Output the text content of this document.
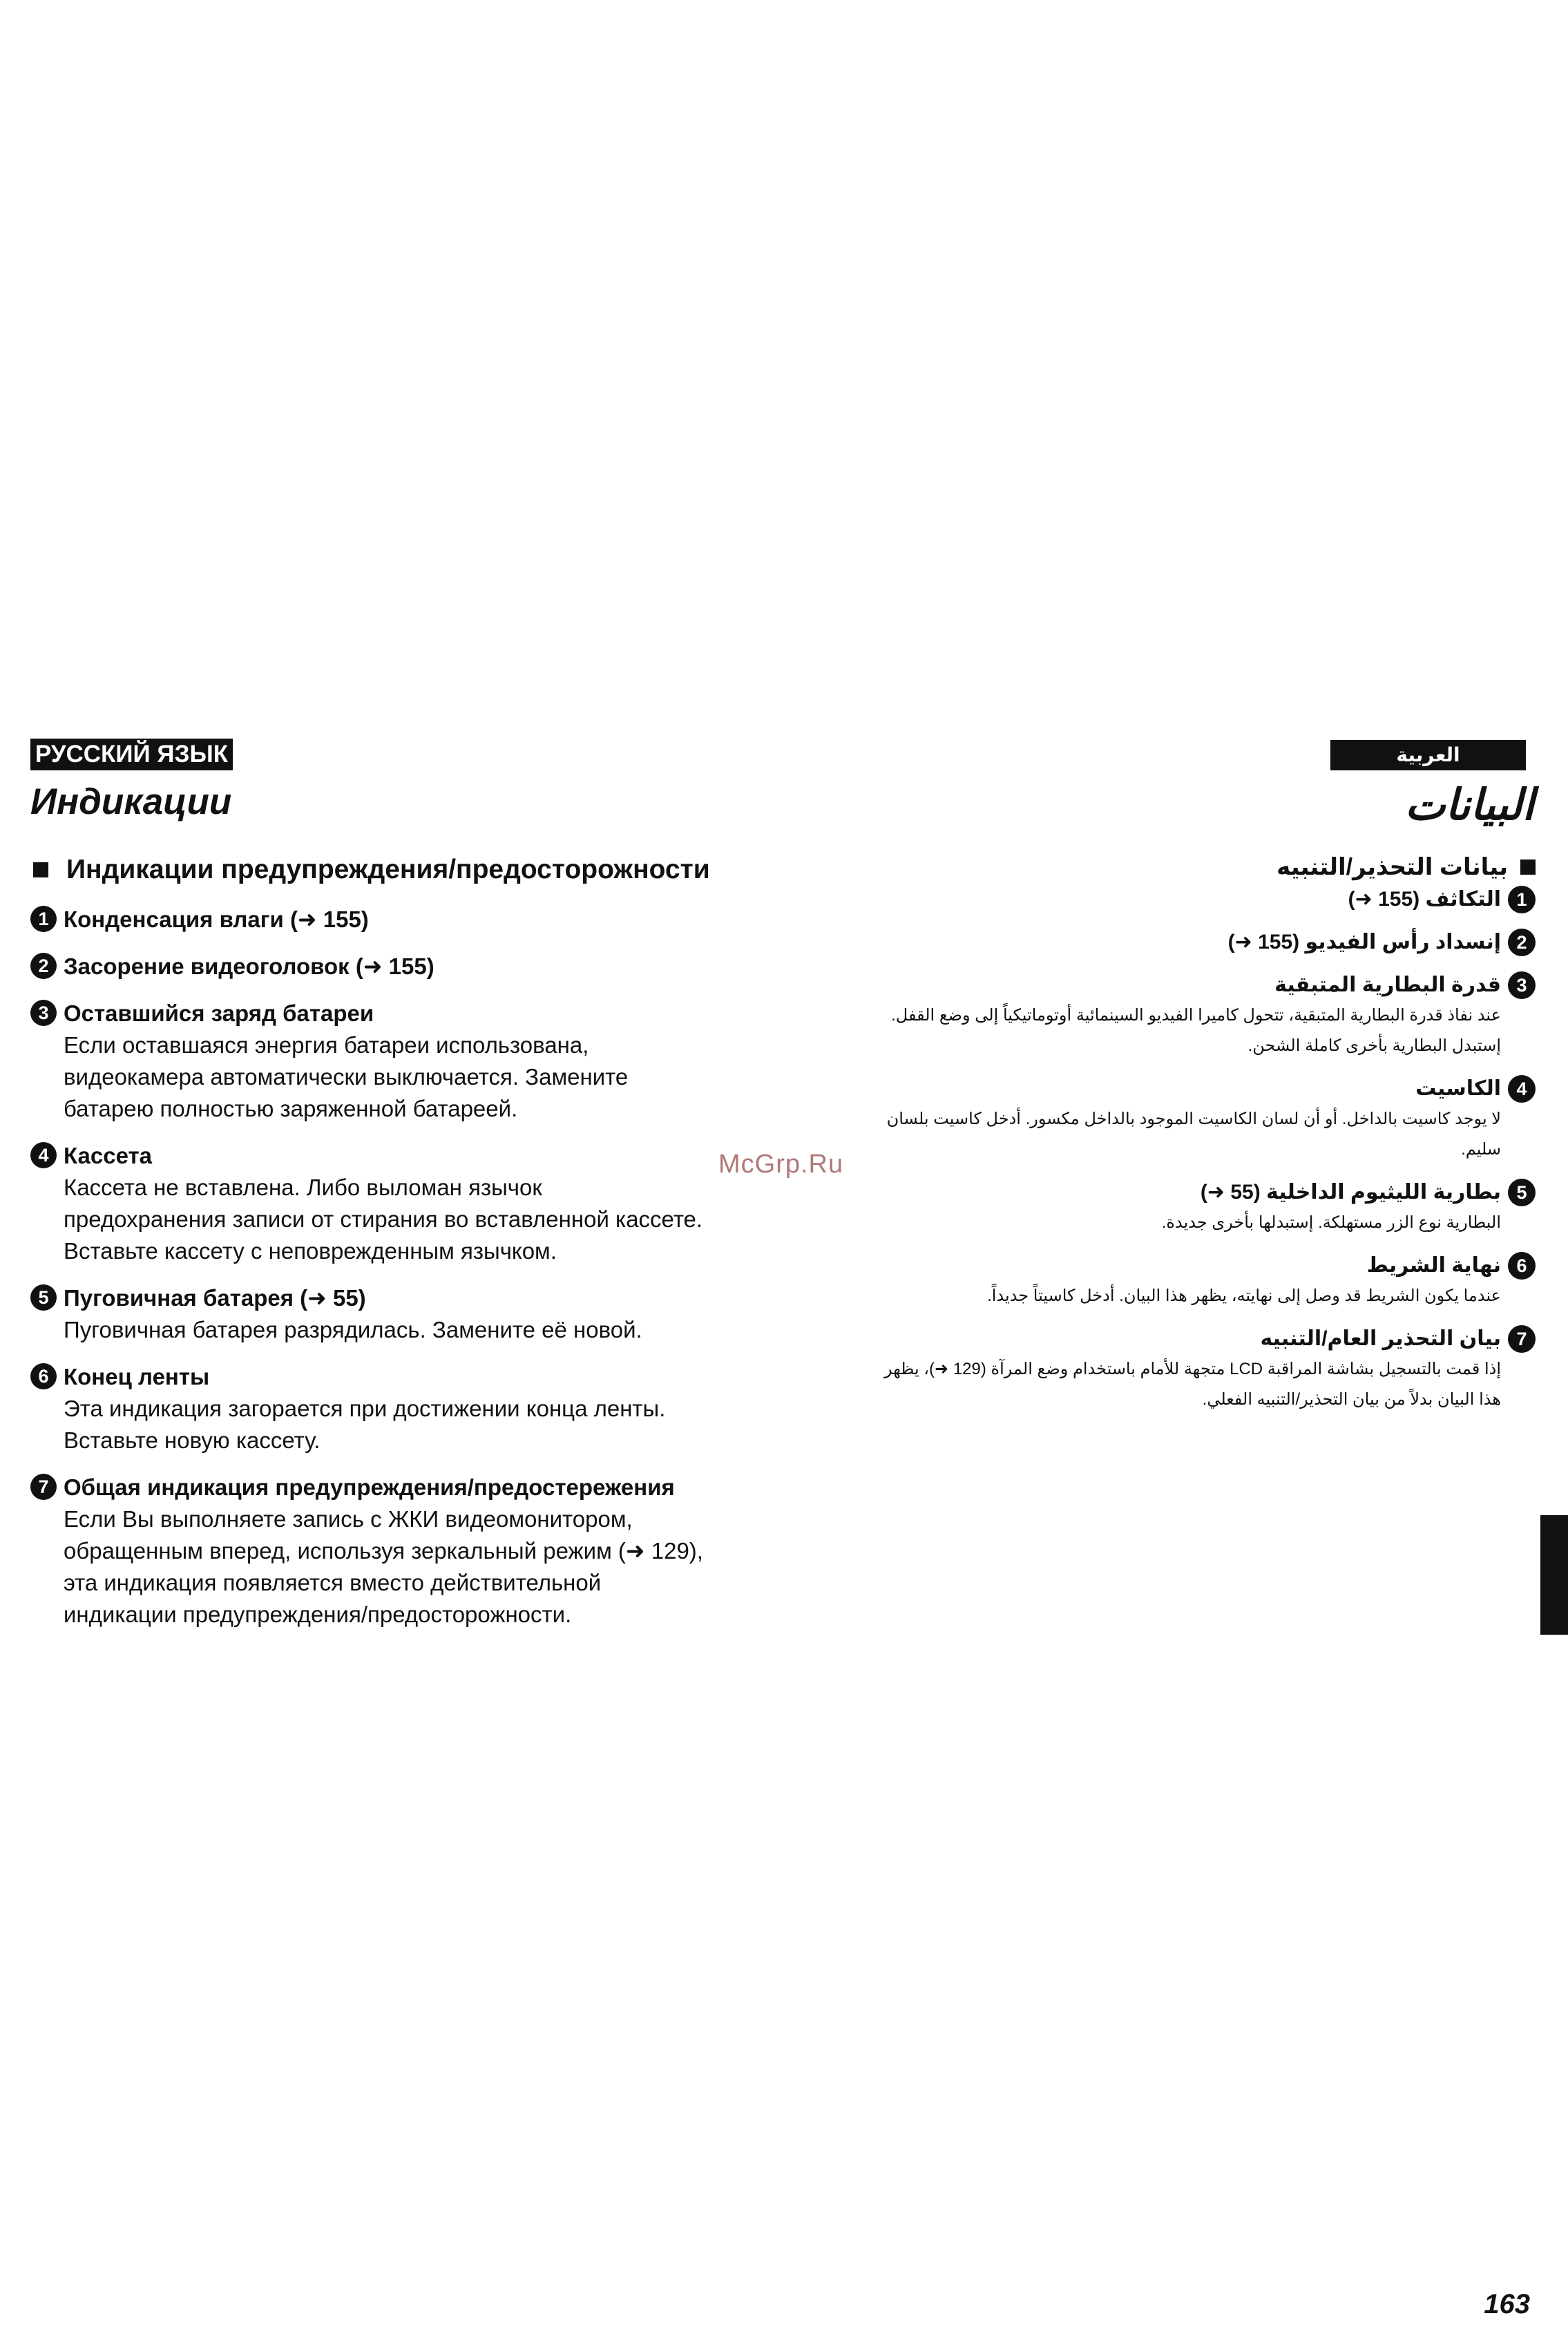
РУССКИЙ ЯЗЫК
Индикации
Индикации предупреждения/предосторожности
1 Конденсация влаги (➜ 155)
2 Засорение видеоголовок (➜ 155)
3 Оставшийся заряд батареи
Если оставшаяся энергия батареи использована,
видеокамера автоматически выключается. Замените
батарею полностью заряженной батареей.
4 Кассета
Кассета не вставлена. Либо выломан язычок
предохранения записи от стирания во вставленной кассете.
Вставьте кассету с неповрежденным язычком.
5 Пуговичная батарея (➜ 55)
Пуговичная батарея разрядилась. Замените её новой.
6 Конец ленты
Эта индикация загорается при достижении конца ленты.
Вставьте новую кассету.
7 Общая индикация предупреждения/предостережения
Если Вы выполняете запись с ЖКИ видеомонитором,
обращенным вперед, используя зеркальный режим (➜ 129),
эта индикация появляется вместо действительной
индикации предупреждения/предосторожности.
العربية
البيانات
بيانات التحذير/التنبيه
1
التكاثف (155 ➜)
2
إنسداد رأس الفيديو (155 ➜)
3
قدرة البطارية المتبقية
عند نفاذ قدرة البطارية المتبقية، تتحول كاميرا الفيديو السينمائية أوتوماتيكياً إلى وضع القفل. إستبدل البطارية بأخرى كاملة الشحن.
4
الكاسيت
لا يوجد كاسيت بالداخل. أو أن لسان الكاسيت الموجود بالداخل مكسور. أدخل كاسيت بلسان سليم.
5
بطارية الليثيوم الداخلية (55 ➜)
البطارية نوع الزر مستهلكة. إستبدلها بأخرى جديدة.
6
نهاية الشريط
عندما يكون الشريط قد وصل إلى نهايته، يظهر هذا البيان. أدخل كاسيتاً جديداً.
7
بيان التحذير العام/التنبيه
إذا قمت بالتسجيل بشاشة المراقبة LCD متجهة للأمام باستخدام وضع المرآة (129 ➜)، يظهر هذا البيان بدلاً من بيان التحذير/التنبيه الفعلي.
McGrp.Ru
163
